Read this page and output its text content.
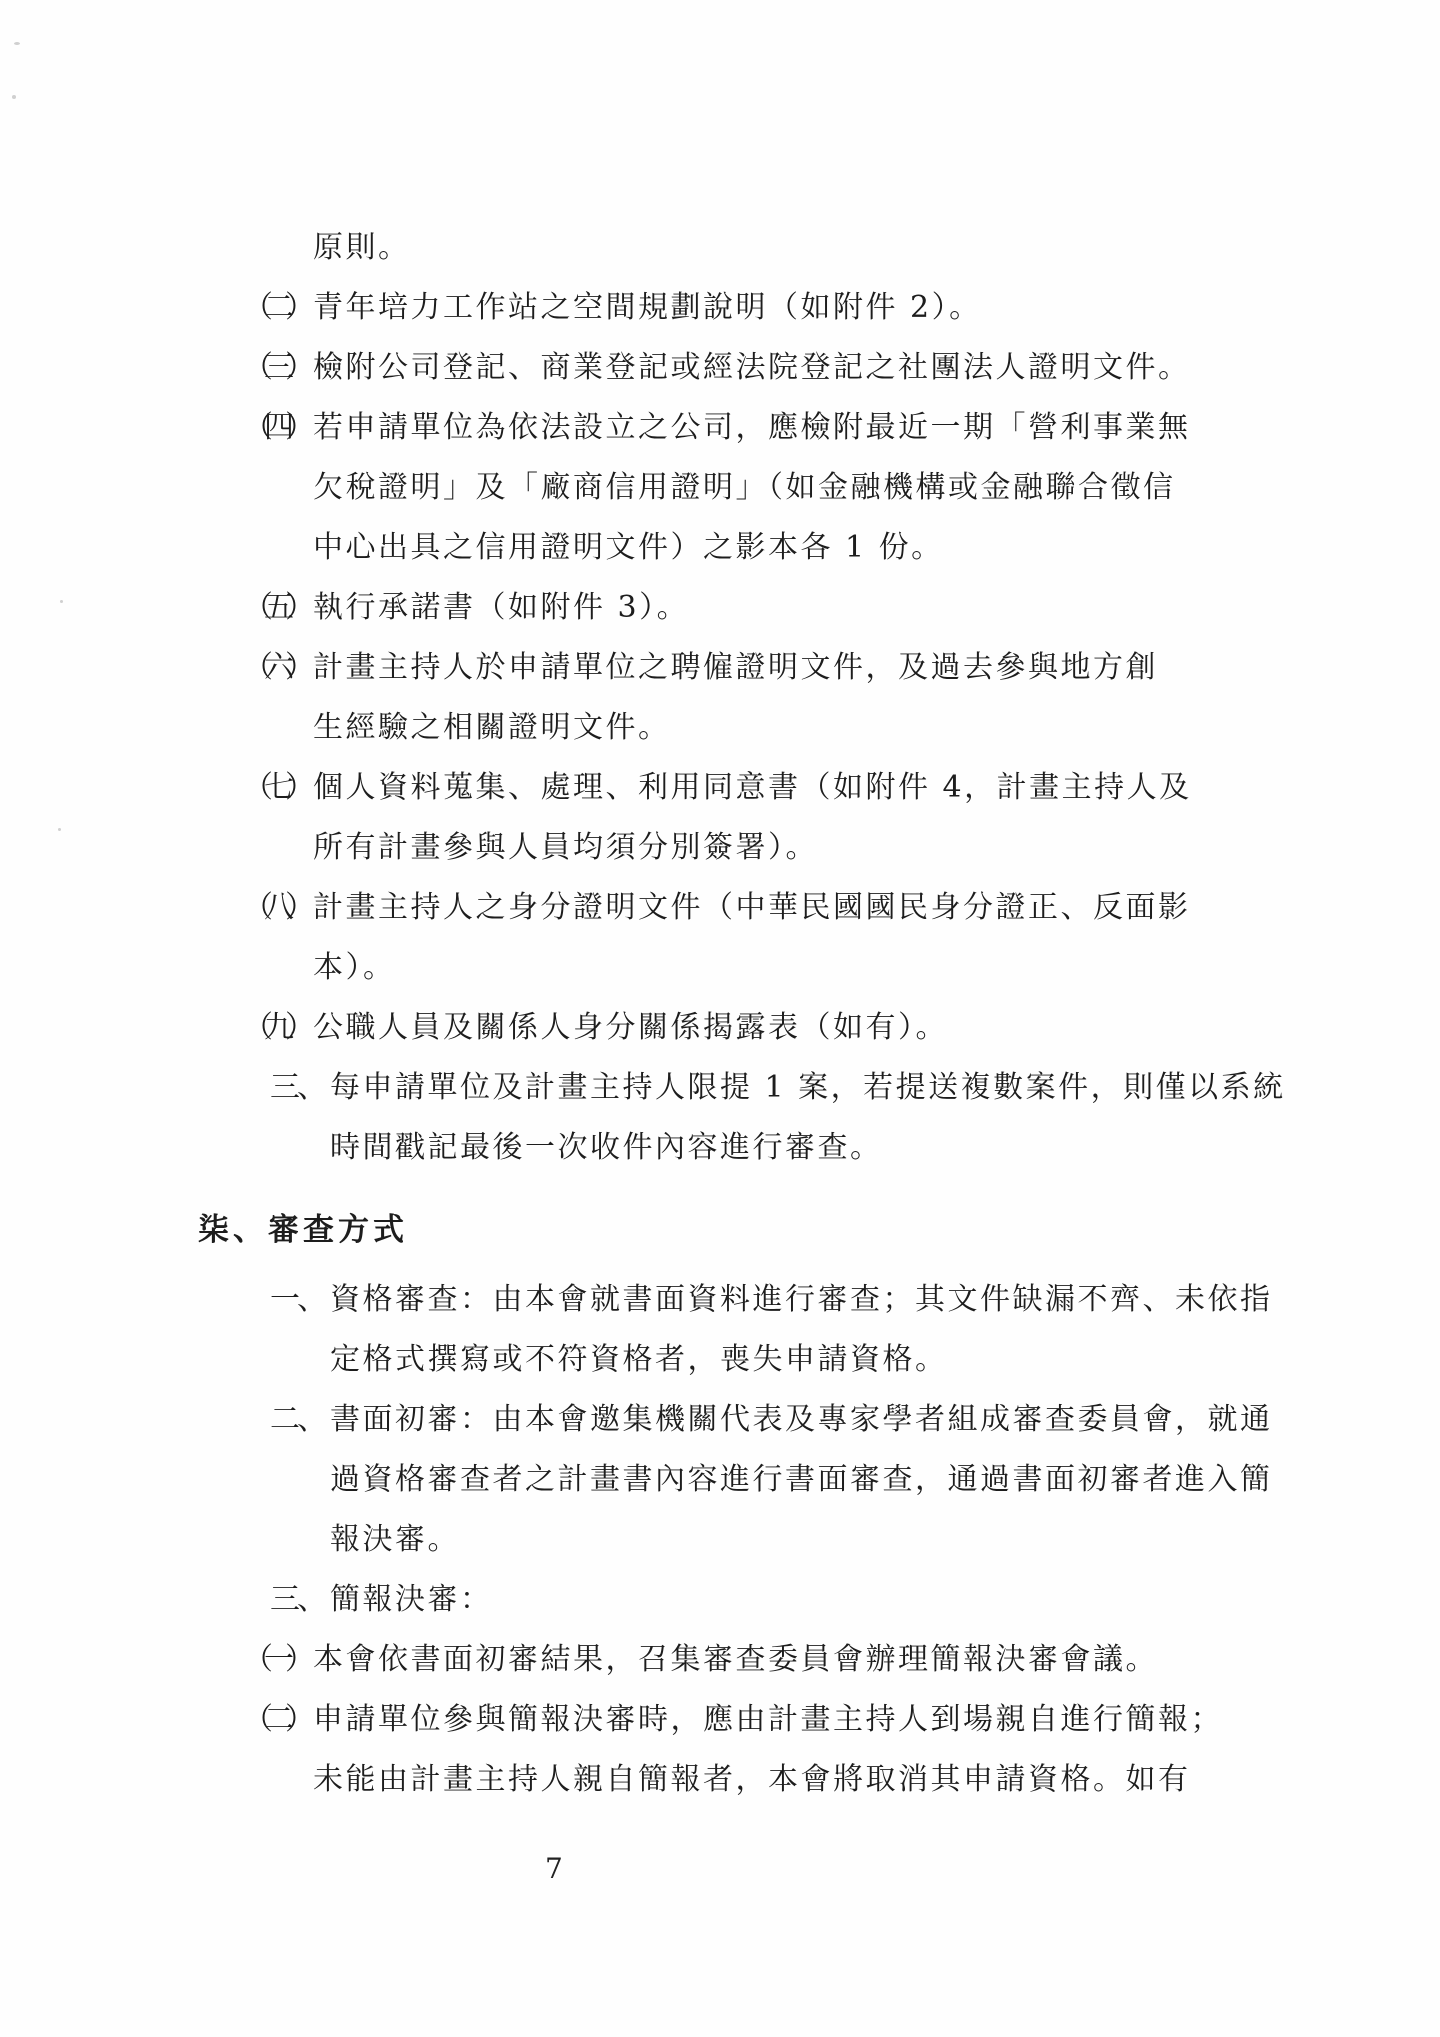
原則。
（二） 青年培力工作站之空間規劃說明（如附件 2）。
（三） 檢附公司登記、商業登記或經法院登記之社團法人證明文件。
（四） 若申請單位為依法設立之公司，應檢附最近一期「營利事業無
欠稅證明」及「廠商信用證明」（如金融機構或金融聯合徵信
中心出具之信用證明文件）之影本各 1 份。
（五） 執行承諾書（如附件 3）。
（六） 計畫主持人於申請單位之聘僱證明文件，及過去參與地方創
生經驗之相關證明文件。
（七） 個人資料蒐集、處理、利用同意書（如附件 4，計畫主持人及
所有計畫參與人員均須分別簽署）。
（八） 計畫主持人之身分證明文件（中華民國國民身分證正、反面影
本）。
（九） 公職人員及關係人身分關係揭露表（如有）。
三、 每申請單位及計畫主持人限提 1 案，若提送複數案件，則僅以系統
時間戳記最後一次收件內容進行審查。
柒、審查方式
一、 資格審查：由本會就書面資料進行審查；其文件缺漏不齊、未依指
定格式撰寫或不符資格者，喪失申請資格。
二、 書面初審：由本會邀集機關代表及專家學者組成審查委員會，就通
過資格審查者之計畫書內容進行書面審查，通過書面初審者進入簡
報決審。
三、 簡報決審：
（一） 本會依書面初審結果，召集審查委員會辦理簡報決審會議。
（二） 申請單位參與簡報決審時，應由計畫主持人到場親自進行簡報；
未能由計畫主持人親自簡報者，本會將取消其申請資格。如有
7
